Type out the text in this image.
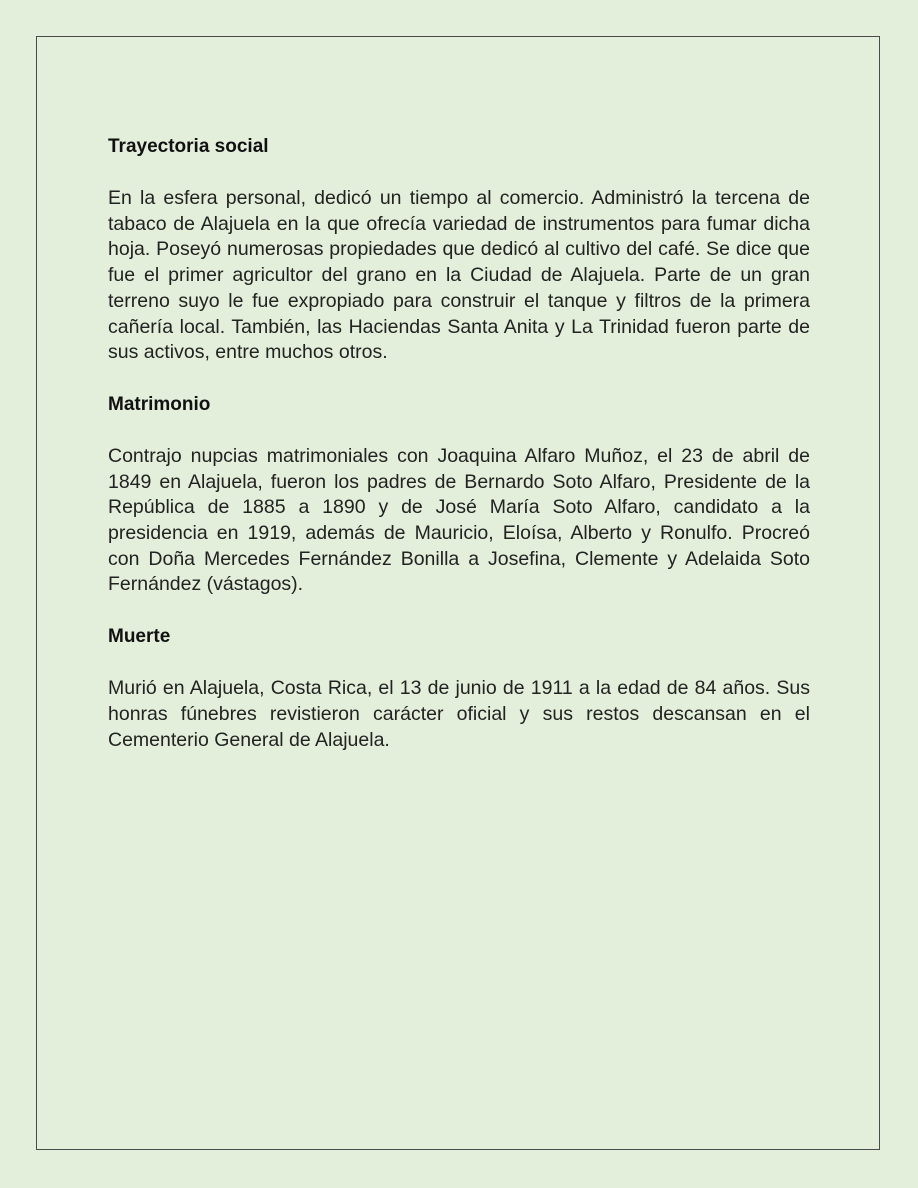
Trayectoria social

En la esfera personal, dedicó un tiempo al comercio. Administró la tercena de tabaco de Alajuela en la que ofrecía variedad de instrumentos para fumar dicha hoja. Poseyó numerosas propiedades que dedicó al cultivo del café. Se dice que fue el primer agricultor del grano en la Ciudad de Alajuela. Parte de un gran terreno suyo le fue expropiado para construir el tanque y filtros de la primera cañería local. También, las Haciendas Santa Anita y La Trinidad fueron parte de sus activos, entre muchos otros.

Matrimonio

Contrajo nupcias matrimoniales con Joaquina Alfaro Muñoz, el 23 de abril de 1849 en Alajuela, fueron los padres de Bernardo Soto Alfaro, Presidente de la República de 1885 a 1890 y de José María Soto Alfaro, candidato a la presidencia en 1919, además de Mauricio, Eloísa, Alberto y Ronulfo. Procreó con Doña Mercedes Fernández Bonilla a Josefina, Clemente y Adelaida Soto Fernández (vástagos).

Muerte

Murió en Alajuela, Costa Rica, el 13 de junio de 1911 a la edad de 84 años. Sus honras fúnebres revistieron carácter oficial y sus restos descansan en el Cementerio General de Alajuela.
